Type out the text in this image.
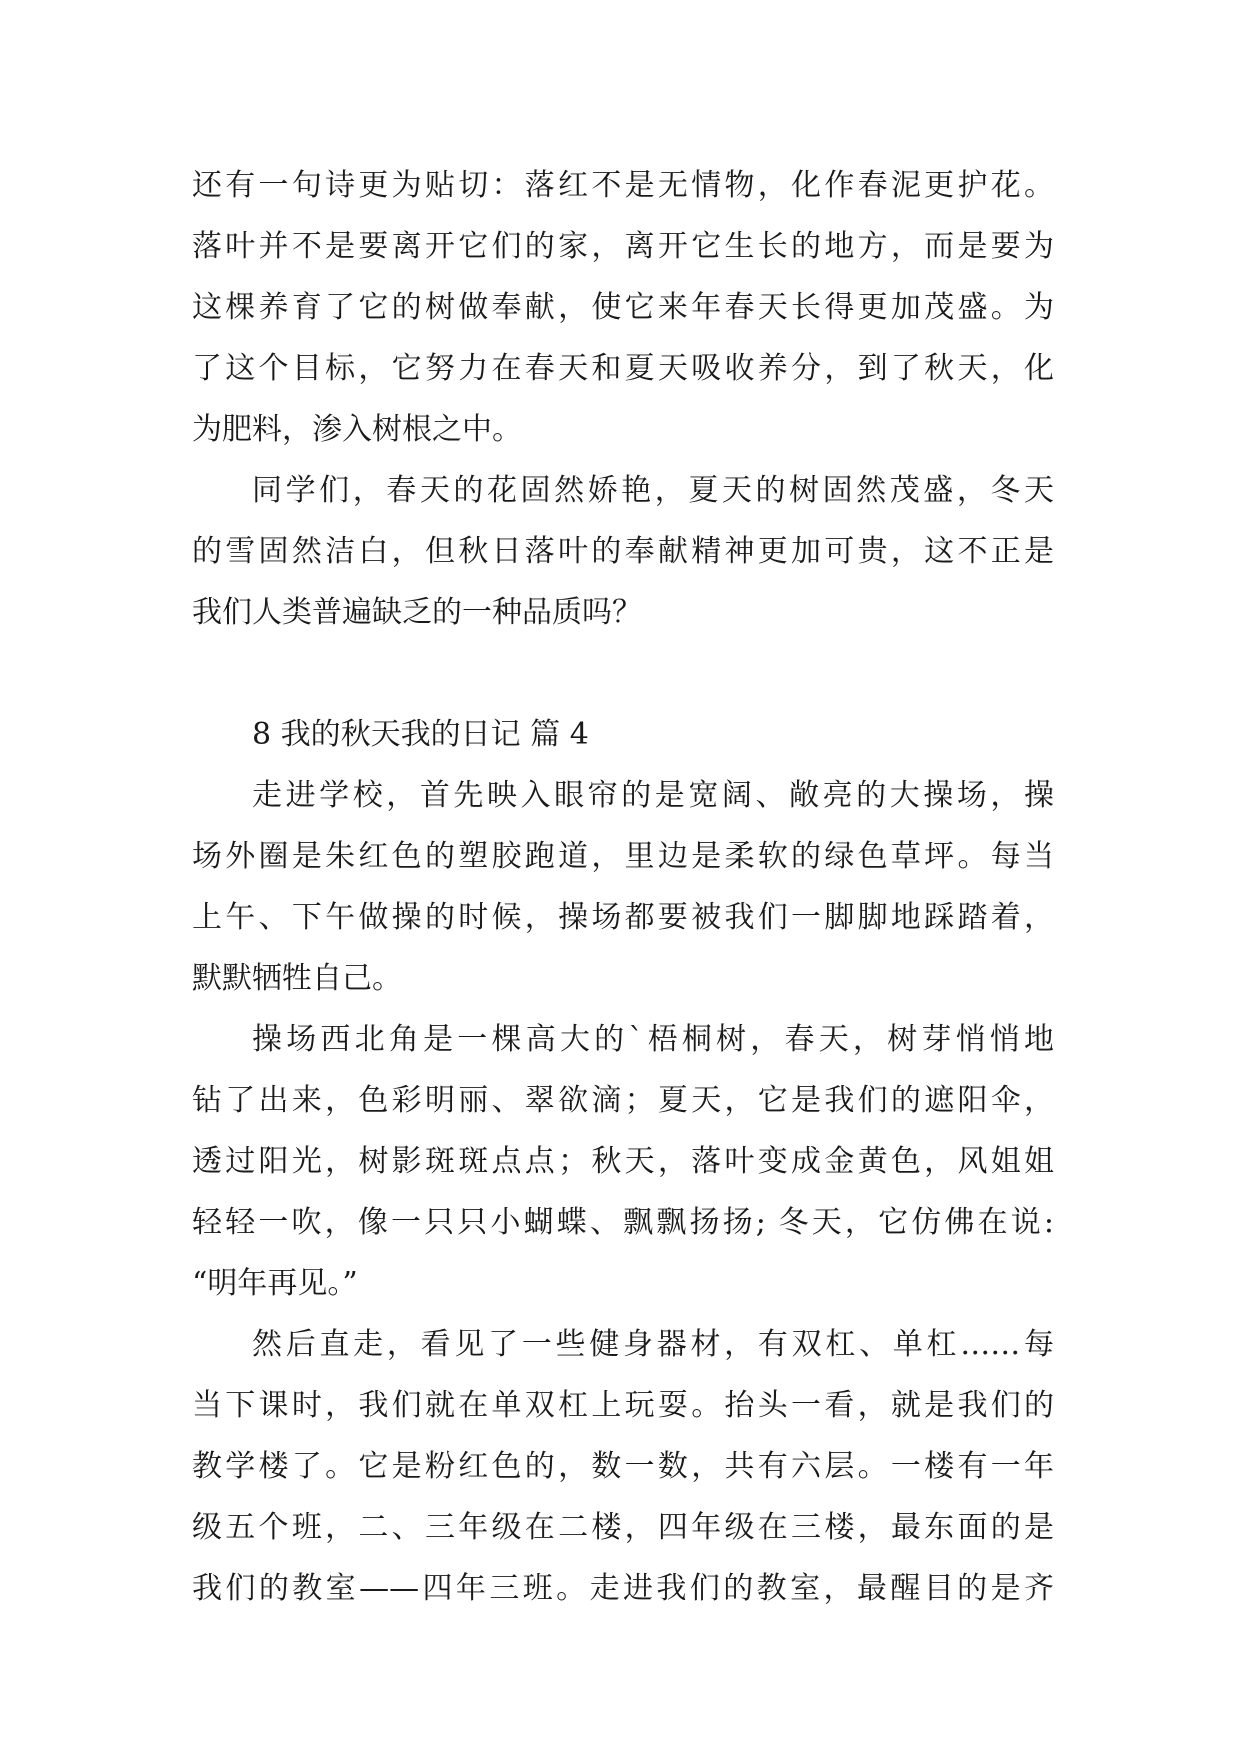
还有一句诗更为贴切：落红不是无情物，化作春泥更护花。
落叶并不是要离开它们的家，离开它生长的地方，而是要为
这棵养育了它的树做奉献，使它来年春天长得更加茂盛。为
了这个目标，它努力在春天和夏天吸收养分，到了秋天，化
为肥料，渗入树根之中。
同学们，春天的花固然娇艳，夏天的树固然茂盛，冬天
的雪固然洁白，但秋日落叶的奉献精神更加可贵，这不正是
我们人类普遍缺乏的一种品质吗？
8 我的秋天我的日记 篇 4
走进学校，首先映入眼帘的是宽阔、敞亮的大操场，操
场外圈是朱红色的塑胶跑道，里边是柔软的绿色草坪。每当
上午、下午做操的时候，操场都要被我们一脚脚地踩踏着，
默默牺牲自己。
操场西北角是一棵高大的`梧桐树，春天，树芽悄悄地
钻了出来，色彩明丽、翠欲滴；夏天，它是我们的遮阳伞，
透过阳光，树影斑斑点点；秋天，落叶变成金黄色，风姐姐
轻轻一吹，像一只只小蝴蝶、飘飘扬扬; 冬天，它仿佛在说:
“明年再见。”
然后直走，看见了一些健身器材，有双杠、单杠……每
当下课时，我们就在单双杠上玩耍。抬头一看，就是我们的
教学楼了。它是粉红色的，数一数，共有六层。一楼有一年
级五个班，二、三年级在二楼，四年级在三楼，最东面的是
我们的教室——四年三班。走进我们的教室，最醒目的是齐
